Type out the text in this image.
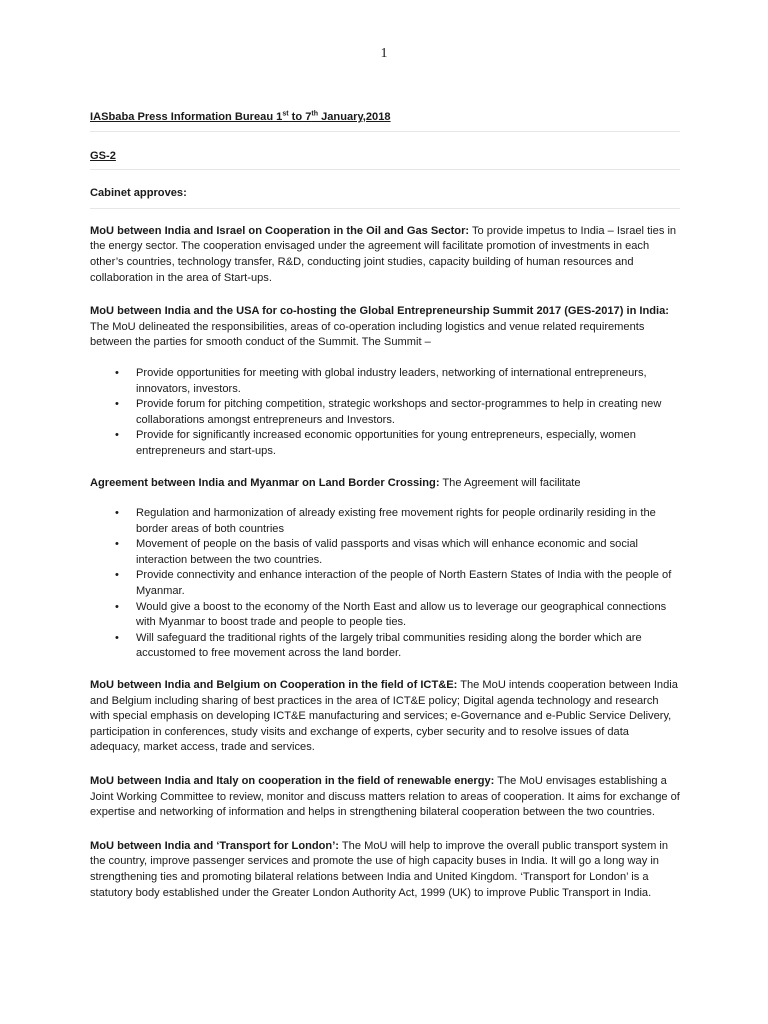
1

IASbaba Press Information Bureau 1st to 7th January,2018

GS-2

Cabinet approves:

MoU between India and Israel on Cooperation in the Oil and Gas Sector: To provide impetus to India – Israel ties in the energy sector. The cooperation envisaged under the agreement will facilitate promotion of investments in each other’s countries, technology transfer, R&D, conducting joint studies, capacity building of human resources and collaboration in the area of Start-ups.

MoU between India and the USA for co-hosting the Global Entrepreneurship Summit 2017 (GES-2017) in India: The MoU delineated the responsibilities, areas of co-operation including logistics and venue related requirements between the parties for smooth conduct of the Summit. The Summit –

• Provide opportunities for meeting with global industry leaders, networking of international entrepreneurs, innovators, investors.
• Provide forum for pitching competition, strategic workshops and sector-programmes to help in creating new collaborations amongst entrepreneurs and Investors.
• Provide for significantly increased economic opportunities for young entrepreneurs, especially, women entrepreneurs and start-ups.

Agreement between India and Myanmar on Land Border Crossing: The Agreement will facilitate

• Regulation and harmonization of already existing free movement rights for people ordinarily residing in the border areas of both countries
• Movement of people on the basis of valid passports and visas which will enhance economic and social interaction between the two countries.
• Provide connectivity and enhance interaction of the people of North Eastern States of India with the people of Myanmar.
• Would give a boost to the economy of the North East and allow us to leverage our geographical connections with Myanmar to boost trade and people to people ties.
• Will safeguard the traditional rights of the largely tribal communities residing along the border which are accustomed to free movement across the land border.

MoU between India and Belgium on Cooperation in the field of ICT&E: The MoU intends cooperation between India and Belgium including sharing of best practices in the area of ICT&E policy; Digital agenda technology and research with special emphasis on developing ICT&E manufacturing and services; e-Governance and e-Public Service Delivery, participation in conferences, study visits and exchange of experts, cyber security and to resolve issues of data adequacy, market access, trade and services.

MoU between India and Italy on cooperation in the field of renewable energy: The MoU envisages establishing a Joint Working Committee to review, monitor and discuss matters relation to areas of cooperation. It aims for exchange of expertise and networking of information and helps in strengthening bilateral cooperation between the two countries.

MoU between India and ‘Transport for London’: The MoU will help to improve the overall public transport system in the country, improve passenger services and promote the use of high capacity buses in India. It will go a long way in strengthening ties and promoting bilateral relations between India and United Kingdom. ‘Transport for London’ is a statutory body established under the Greater London Authority Act, 1999 (UK) to improve Public Transport in India.
